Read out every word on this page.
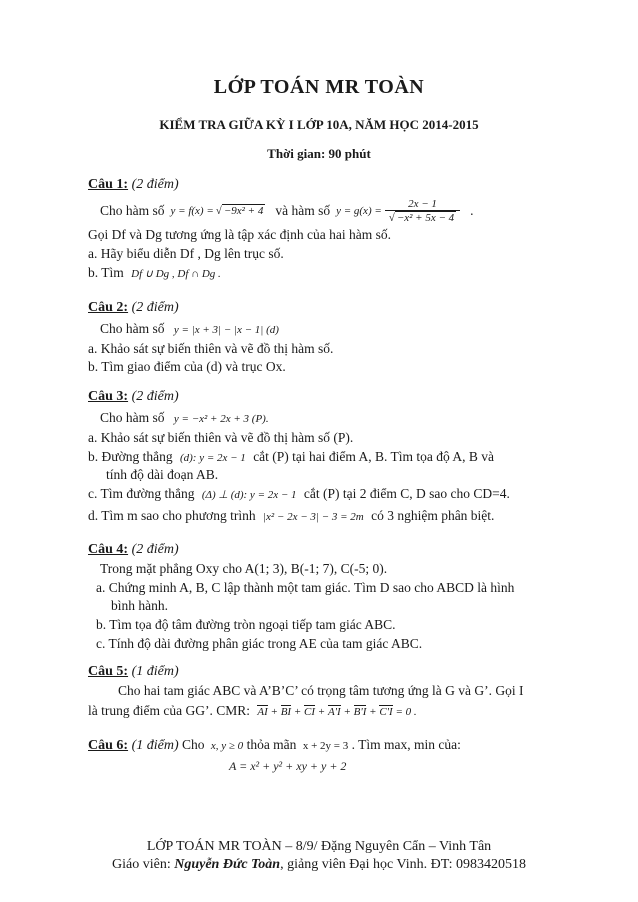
LỚP TOÁN MR TOÀN
KIỂM TRA GIỮA KỲ I LỚP 10A, NĂM HỌC 2014-2015
Thời gian: 90 phút
Câu 1: (2 điểm)
Cho hàm số y = f(x) = √ −9x² + 4 và hàm số $y = g(x) = \frac{2x - 1}{\text{√ −x² + 5x − 4}}$ .
Gọi Df và Dg tương ứng là tập xác định của hai hàm số.
a. Hãy biểu diễn Df , Dg lên trục số.
b. Tìm Df ∪ Dg , Df ∩ Dg .
Câu 2: (2 điểm)
Cho hàm số y = |x + 3| − |x − 1| (d)
a. Khảo sát sự biến thiên và vẽ đồ thị hàm số.
b. Tìm giao điểm của (d) và trục Ox.
Câu 3: (2 điểm)
Cho hàm số y = −x² + 2x + 3 (P).
a. Khảo sát sự biến thiên và vẽ đồ thị hàm số (P).
b. Đường thẳng (d): y = 2x − 1 cắt (P) tại hai điểm A, B. Tìm tọa độ A, B và
tính độ dài đoạn AB.
c. Tìm đường thẳng (Δ) ⊥ (d): y = 2x − 1 cắt (P) tại 2 điểm C, D sao cho CD=4.
d. Tìm m sao cho phương trình |x² − 2x − 3| − 3 = 2m có 3 nghiệm phân biệt.
Câu 4: (2 điểm)
Trong mặt phẳng Oxy cho A(1; 3), B(-1; 7), C(-5; 0).
a. Chứng minh A, B, C lập thành một tam giác. Tìm D sao cho ABCD là hình
bình hành.
b. Tìm tọa độ tâm đường tròn ngoại tiếp tam giác ABC.
c. Tính độ dài đường phân giác trong AE của tam giác ABC.
Câu 5: (1 điểm)
Cho hai tam giác ABC và A’B’C’ có trọng tâm tương ứng là G và G’. Gọi I
là trung điểm của GG’. CMR: AI + BI + CI + A'I + B'I + C'I = 0 .
Câu 6: (1 điểm) Cho x, y ≥ 0 thỏa mãn x + 2y = 3 . Tìm max, min của:
A = x² + y² + xy + y + 2
LỚP TOÁN MR TOÀN – 8/9/ Đặng Nguyên Cẩn – Vinh Tân
Giáo viên: Nguyễn Đức Toàn, giảng viên Đại học Vinh. ĐT: 0983420518
